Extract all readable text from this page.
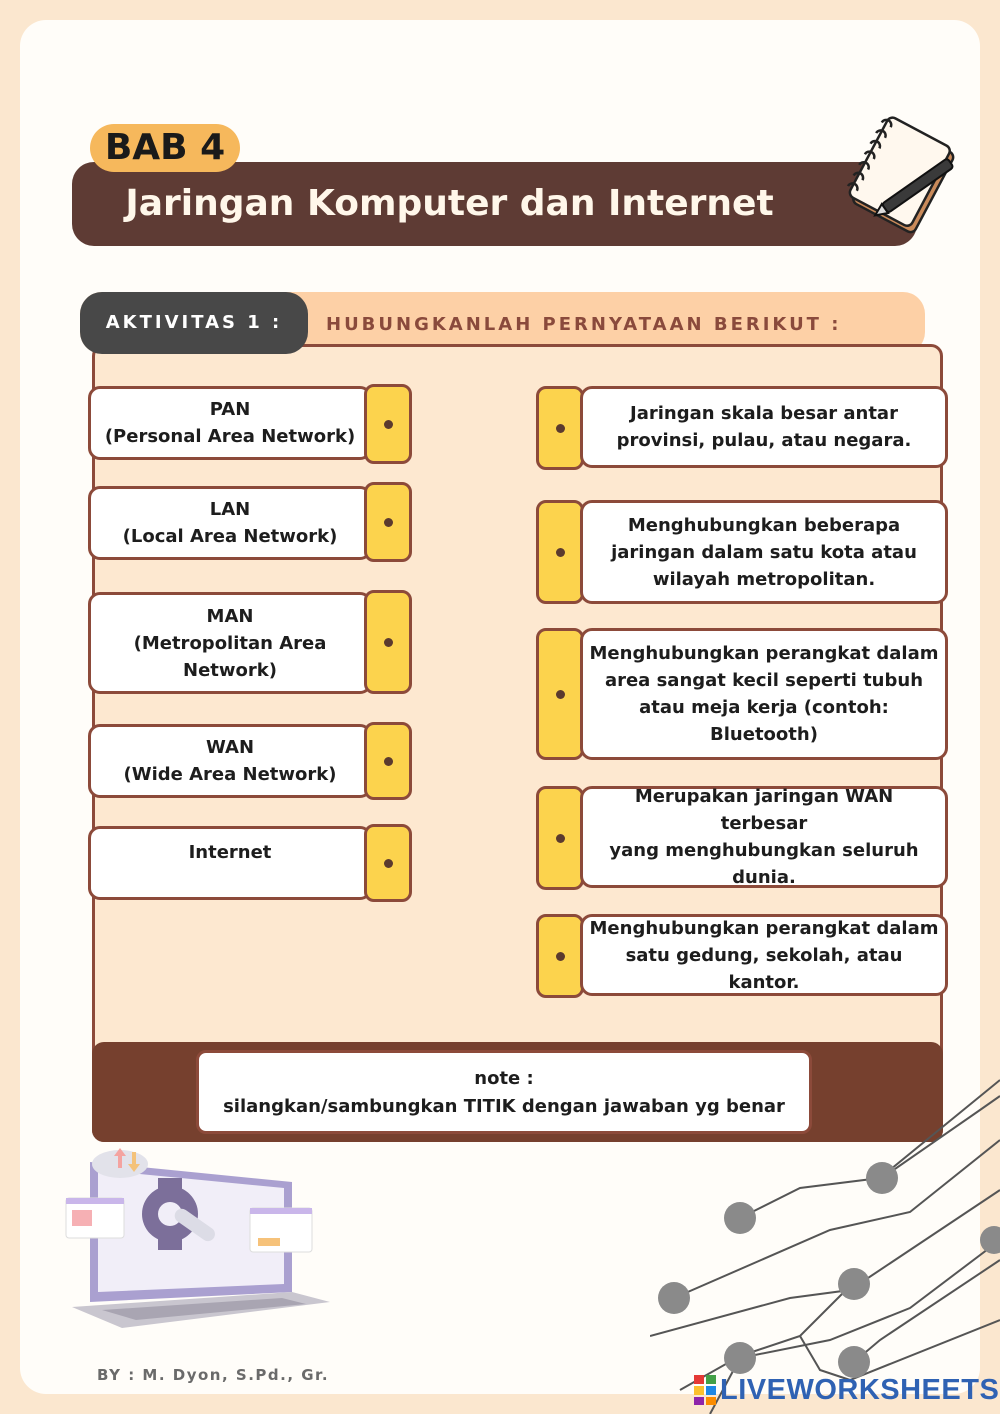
BAB 4
Jaringan Komputer dan Internet
AKTIVITAS 1 :	HUBUNGKANLAH PERNYATAAN BERIKUT :
PAN
(Personal Area Network)
LAN
(Local Area Network)
MAN
(Metropolitan Area
Network)
WAN
(Wide Area Network)
Internet
Jaringan skala besar antar
provinsi, pulau, atau negara.
Menghubungkan beberapa
jaringan dalam satu kota atau
wilayah metropolitan.
Menghubungkan perangkat dalam
area sangat kecil seperti tubuh
atau meja kerja (contoh:
Bluetooth)
Merupakan jaringan WAN terbesar
yang menghubungkan seluruh
dunia.
Menghubungkan perangkat dalam
satu gedung, sekolah, atau kantor.
note :
silangkan/sambungkan TITIK dengan jawaban yg benar
BY : M. Dyon, S.Pd., Gr.	LIVEWORKSHEETS
